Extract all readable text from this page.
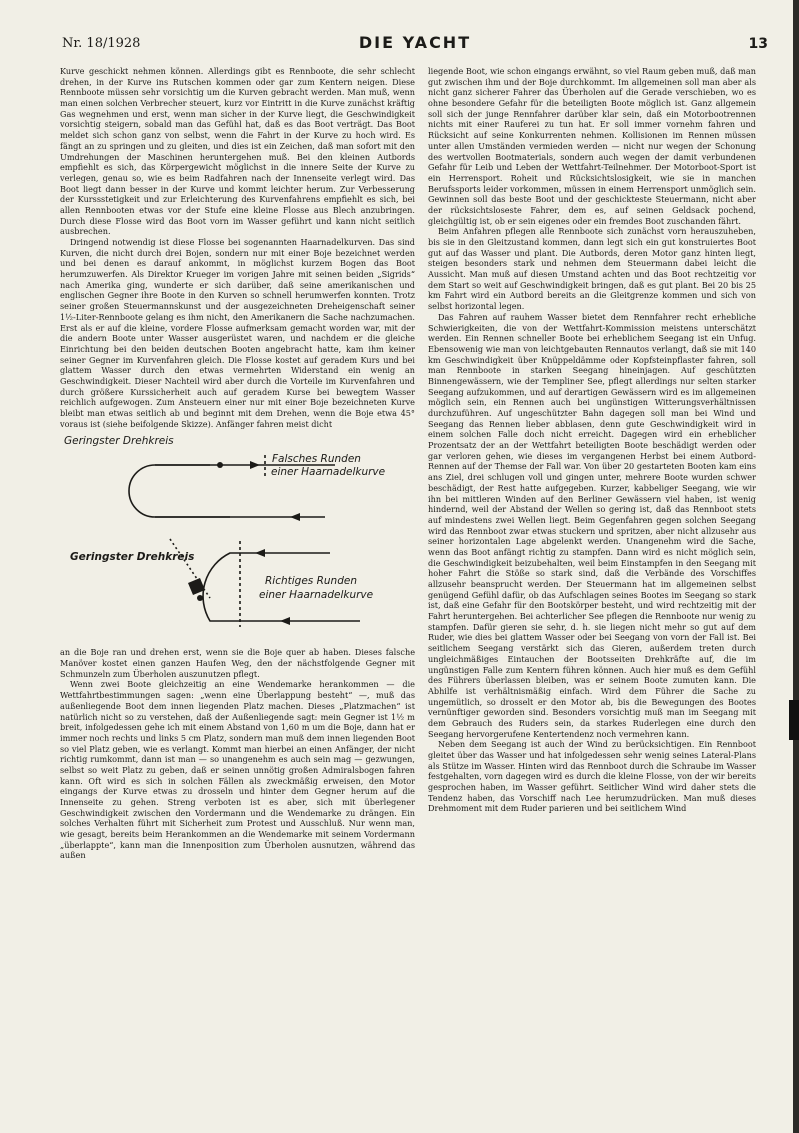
Nr. 18/1928	DIE YACHT	13

Kurve geschickt nehmen können. Allerdings gibt es Rennboote, die sehr schlecht drehen, in der Kurve ins Rutschen kommen oder gar zum Kentern neigen. Diese Rennboote müssen sehr vorsichtig um die Kurven gebracht werden. Man muß, wenn man einen solchen Verbrecher steuert, kurz vor Eintritt in die Kurve zunächst kräftig Gas wegnehmen und erst, wenn man sicher in der Kurve liegt, die Geschwindigkeit vorsichtig steigern, sobald man das Gefühl hat, daß es das Boot verträgt. Das Boot meldet sich schon ganz von selbst, wenn die Fahrt in der Kurve zu hoch wird. Es fängt an zu springen und zu gleiten, und dies ist ein Zeichen, daß man sofort mit den Umdrehungen der Maschinen heruntergehen muß. Bei den kleinen Autbords empfiehlt es sich, das Körpergewicht möglichst in die innere Seite der Kurve zu verlegen, genau so, wie es beim Radfahren nach der Innenseite verlegt wird. Das Boot liegt dann besser in der Kurve und kommt leichter herum. Zur Verbesserung der Kurssstetigkeit und zur Erleichterung des Kurvenfahrens empfiehlt es sich, bei allen Rennbooten etwas vor der Stufe eine kleine Flosse aus Blech anzubringen. Durch diese Flosse wird das Boot vorn im Wasser geführt und kann nicht seitlich ausbrechen.

Dringend notwendig ist diese Flosse bei sogenannten Haarnadelkurven. Das sind Kurven, die nicht durch drei Bojen, sondern nur mit einer Boje bezeichnet werden und bei denen es darauf ankommt, in möglichst kurzem Bogen das Boot herumzuwerfen. Als Direktor Krueger im vorigen Jahre mit seinen beiden „Sigrids“ nach Amerika ging, wunderte er sich darüber, daß seine amerikanischen und englischen Gegner ihre Boote in den Kurven so schnell herumwerfen konnten. Trotz seiner großen Steuermannskunst und der ausgezeichneten Dreheigenschaft seiner 1½-Liter-Rennboote gelang es ihm nicht, den Amerikanern die Sache nachzumachen. Erst als er auf die kleine, vordere Flosse aufmerksam gemacht worden war, mit der die andern Boote unter Wasser ausgerüstet waren, und nachdem er die gleiche Einrichtung bei den beiden deutschen Booten angebracht hatte, kam ihm keiner seiner Gegner im Kurvenfahren gleich. Die Flosse kostet auf geradem Kurs und bei glattem Wasser durch den etwas vermehrten Widerstand ein wenig an Geschwindigkeit. Dieser Nachteil wird aber durch die Vorteile im Kurvenfahren und durch größere Kurssicherheit auch auf geradem Kurse bei bewegtem Wasser reichlich aufgewogen. Zum Ansteuern einer nur mit einer Boje bezeichneten Kurve bleibt man etwas seitlich ab und beginnt mit dem Drehen, wenn die Boje etwa 45° voraus ist (siehe beifolgende Skizze). Anfänger fahren meist dicht

Geringster Drehkreis
Falsches Runden
einer Haarnadelkurve
Geringster Drehkreis
Richtiges Runden
einer Haarnadelkurve

an die Boje ran und drehen erst, wenn sie die Boje quer ab haben. Dieses falsche Manöver kostet einen ganzen Haufen Weg, den der nächstfolgende Gegner mit Schmunzeln zum Überholen auszunutzen pflegt.

Wenn zwei Boote gleichzeitig an eine Wendemarke herankommen — die Wettfahrtbestimmungen sagen: „wenn eine Überlappung besteht“ —, muß das außenliegende Boot dem innen liegenden Platz machen. Dieses „Platzmachen“ ist natürlich nicht so zu verstehen, daß der Außenliegende sagt: mein Gegner ist 1½ m breit, infolgedessen gehe ich mit einem Abstand von 1,60 m um die Boje, dann hat er immer noch rechts und links 5 cm Platz, sondern man muß dem innen liegenden Boot so viel Platz geben, wie es verlangt. Kommt man hierbei an einen Anfänger, der nicht richtig rumkommt, dann ist man — so unangenehm es auch sein mag — gezwungen, selbst so weit Platz zu geben, daß er seinen unnötig großen Admiralsbogen fahren kann. Oft wird es sich in solchen Fällen als zweckmäßig erweisen, den Motor eingangs der Kurve etwas zu drosseln und hinter dem Gegner herum auf die Innenseite zu gehen. Streng verboten ist es aber, sich mit überlegener Geschwindigkeit zwischen den Vordermann und die Wendemarke zu drängen. Ein solches Verhalten führt mit Sicherheit zum Protest und Ausschluß. Nur wenn man, wie gesagt, bereits beim Herankommen an die Wendemarke mit seinem Vordermann „überlappte“, kann man die Innenposition zum Überholen ausnutzen, während das außen

liegende Boot, wie schon eingangs erwähnt, so viel Raum geben muß, daß man gut zwischen ihm und der Boje durchkommt. Im allgemeinen soll man aber als nicht ganz sicherer Fahrer das Überholen auf die Gerade verschieben, wo es ohne besondere Gefahr für die beteiligten Boote möglich ist. Ganz allgemein soll sich der junge Rennfahrer darüber klar sein, daß ein Motorbootrennen nichts mit einer Rauferei zu tun hat. Er soll immer vornehm fahren und Rücksicht auf seine Konkurrenten nehmen. Kollisionen im Rennen müssen unter allen Umständen vermieden werden — nicht nur wegen der Schonung des wertvollen Bootmaterials, sondern auch wegen der damit verbundenen Gefahr für Leib und Leben der Wettfahrt-Teilnehmer. Der Motorboot-Sport ist ein Herrensport. Roheit und Rücksichtslosigkeit, wie sie in manchen Berufssports leider vorkommen, müssen in einem Herrensport unmöglich sein. Gewinnen soll das beste Boot und der geschickteste Steuermann, nicht aber der rücksichtsloseste Fahrer, dem es, auf seinen Geldsack pochend, gleichgültig ist, ob er sein eigenes oder ein fremdes Boot zuschanden fährt.

Beim Anfahren pflegen alle Rennboote sich zunächst vorn herauszuheben, bis sie in den Gleitzustand kommen, dann legt sich ein gut konstruiertes Boot gut auf das Wasser und plant. Die Autbords, deren Motor ganz hinten liegt, steigen besonders stark und nehmen dem Steuermann dabei leicht die Aussicht. Man muß auf diesen Umstand achten und das Boot rechtzeitig vor dem Start so weit auf Geschwindigkeit bringen, daß es gut plant. Bei 20 bis 25 km Fahrt wird ein Autbord bereits an die Gleitgrenze kommen und sich von selbst horizontal legen.

Das Fahren auf rauhem Wasser bietet dem Rennfahrer recht erhebliche Schwierigkeiten, die von der Wettfahrt-Kommission meistens unterschätzt werden. Ein Rennen schneller Boote bei erheblichem Seegang ist ein Unfug. Ebensowenig wie man von leichtgebauten Rennautos verlangt, daß sie mit 140 km Geschwindigkeit über Knüppeldämme oder Kopfsteinpflaster fahren, soll man Rennboote in starken Seegang hineinjagen. Auf geschützten Binnengewässern, wie der Templiner See, pflegt allerdings nur selten starker Seegang aufzukommen, und auf derartigen Gewässern wird es im allgemeinen möglich sein, ein Rennen auch bei ungünstigen Witterungsverhältnissen durchzuführen. Auf ungeschützter Bahn dagegen soll man bei Wind und Seegang das Rennen lieber abblasen, denn gute Geschwindigkeit wird in einem solchen Falle doch nicht erreicht. Dagegen wird ein erheblicher Prozentsatz der an der Wettfahrt beteiligten Boote beschädigt werden oder gar verloren gehen, wie dieses im vergangenen Herbst bei einem Autbord-Rennen auf der Themse der Fall war. Von über 20 gestarteten Booten kam eins ans Ziel, drei schlugen voll und gingen unter, mehrere Boote wurden schwer beschädigt, der Rest hatte aufgegeben. Kurzer, kabbeliger Seegang, wie wir ihn bei mittleren Winden auf den Berliner Gewässern viel haben, ist wenig hindernd, weil der Abstand der Wellen so gering ist, daß das Rennboot stets auf mindestens zwei Wellen liegt. Beim Gegenfahren gegen solchen Seegang wird das Rennboot zwar etwas stuckern und spritzen, aber nicht allzusehr aus seiner horizontalen Lage abgelenkt werden. Unangenehm wird die Sache, wenn das Boot anfängt richtig zu stampfen. Dann wird es nicht möglich sein, die Geschwindigkeit beizubehalten, weil beim Einstampfen in den Seegang mit hoher Fahrt die Stöße so stark sind, daß die Verbände des Vorschiffes allzusehr beansprucht werden. Der Steuermann hat im allgemeinen selbst genügend Gefühl dafür, ob das Aufschlagen seines Bootes im Seegang so stark ist, daß eine Gefahr für den Bootskörper besteht, und wird rechtzeitig mit der Fahrt heruntergehen. Bei achterlicher See pflegen die Rennboote nur wenig zu stampfen. Dafür gieren sie sehr, d. h. sie liegen nicht mehr so gut auf dem Ruder, wie dies bei glattem Wasser oder bei Seegang von vorn der Fall ist. Bei seitlichem Seegang verstärkt sich das Gieren, außerdem treten durch ungleichmäßiges Eintauchen der Bootsseiten Drehkräfte auf, die im ungünstigen Falle zum Kentern führen können. Auch hier muß es dem Gefühl des Führers überlassen bleiben, was er seinem Boote zumuten kann. Die Abhilfe ist verhältnismäßig einfach. Wird dem Führer die Sache zu ungemütlich, so drosselt er den Motor ab, bis die Bewegungen des Bootes vernünftiger geworden sind. Besonders vorsichtig muß man im Seegang mit dem Gebrauch des Ruders sein, da starkes Ruderlegen eine durch den Seegang hervorgerufene Kentertendenz noch vermehren kann.

Neben dem Seegang ist auch der Wind zu berücksichtigen. Ein Rennboot gleitet über das Wasser und hat infolgedessen sehr wenig seines Lateral-Plans als Stütze im Wasser. Hinten wird das Rennboot durch die Schraube im Wasser festgehalten, vorn dagegen wird es durch die kleine Flosse, von der wir bereits gesprochen haben, im Wasser geführt. Seitlicher Wind wird daher stets die Tendenz haben, das Vorschiff nach Lee herumzudrücken. Man muß dieses Drehmoment mit dem Ruder parieren und bei seitlichem Wind
